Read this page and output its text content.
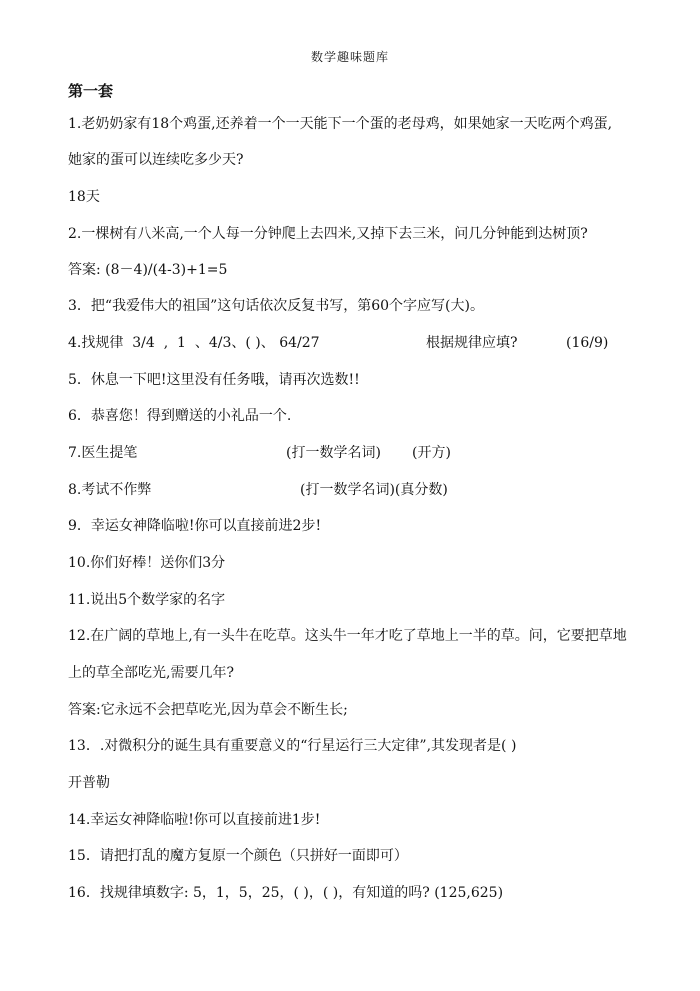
数学趣味题库
第一套
1.老奶奶家有18个鸡蛋,还养着一个一天能下一个蛋的老母鸡，如果她家一天吃两个鸡蛋,
她家的蛋可以连续吃多少天?
18天
2.一棵树有八米高,一个人每一分钟爬上去四米,又掉下去三米，问几分钟能到达树顶?
答案: (8－4)/(4-3)+1=5
3．把“我爱伟大的祖国”这句话依次反复书写，第60个字应写(大)。
4.找规律  3/4  ,  1  、4/3、( )、 64/27	根据规律应填?	(16/9)
5．休息一下吧!这里没有任务哦，请再次选数!!
6．恭喜您！得到赠送的小礼品一个.
7.医生提笔	(打一数学名词) (开方)
8.考试不作弊	(打一数学名词)(真分数)
9．幸运女神降临啦!你可以直接前进2步!
10.你们好棒！送你们3分
11.说出5个数学家的名字
12.在广阔的草地上,有一头牛在吃草。这头牛一年才吃了草地上一半的草。问，它要把草地
上的草全部吃光,需要几年?
答案:它永远不会把草吃光,因为草会不断生长;
13．.对微积分的诞生具有重要意义的“行星运行三大定律”,其发现者是( )
开普勒
14.幸运女神降临啦!你可以直接前进1步!
15．请把打乱的魔方复原一个颜色（只拼好一面即可）
16．找规律填数字: 5，1，5，25，( )，( )，有知道的吗? (125,625)
